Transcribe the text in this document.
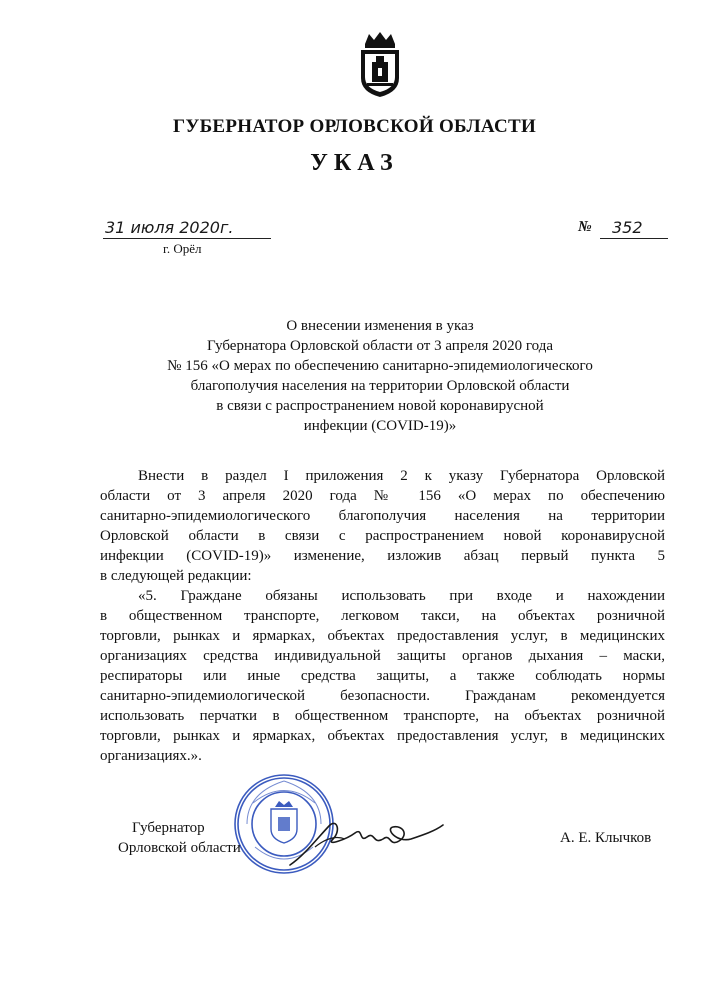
ГУБЕРНАТОР ОРЛОВСКОЙ ОБЛАСТИ
УКАЗ
31 июля 2020г.
г. Орёл
№ 352
О внесении изменения в указ
Губернатора Орловской области от 3 апреля 2020 года
№ 156 «О мерах по обеспечению санитарно-эпидемиологического
благополучия населения на территории Орловской области
в связи с распространением новой коронавирусной
инфекции (COVID-19)»
Внести в раздел I приложения 2 к указу Губернатора Орловской
области от 3 апреля 2020 года № 156 «О мерах по обеспечению
санитарно-эпидемиологического благополучия населения на территории
Орловской области в связи с распространением новой коронавирусной
инфекции (COVID-19)» изменение, изложив абзац первый пункта 5
в следующей редакции:
«5. Граждане обязаны использовать при входе и нахождении
в общественном транспорте, легковом такси, на объектах розничной
торговли, рынках и ярмарках, объектах предоставления услуг, в медицинских
организациях средства индивидуальной защиты органов дыхания – маски,
респираторы или иные средства защиты, а также соблюдать нормы
санитарно-эпидемиологической безопасности. Гражданам рекомендуется
использовать перчатки в общественном транспорте, на объектах розничной
торговли, рынках и ярмарках, объектах предоставления услуг, в медицинских
организациях.».
Губернатор
Орловской области
А. Е. Клычков
